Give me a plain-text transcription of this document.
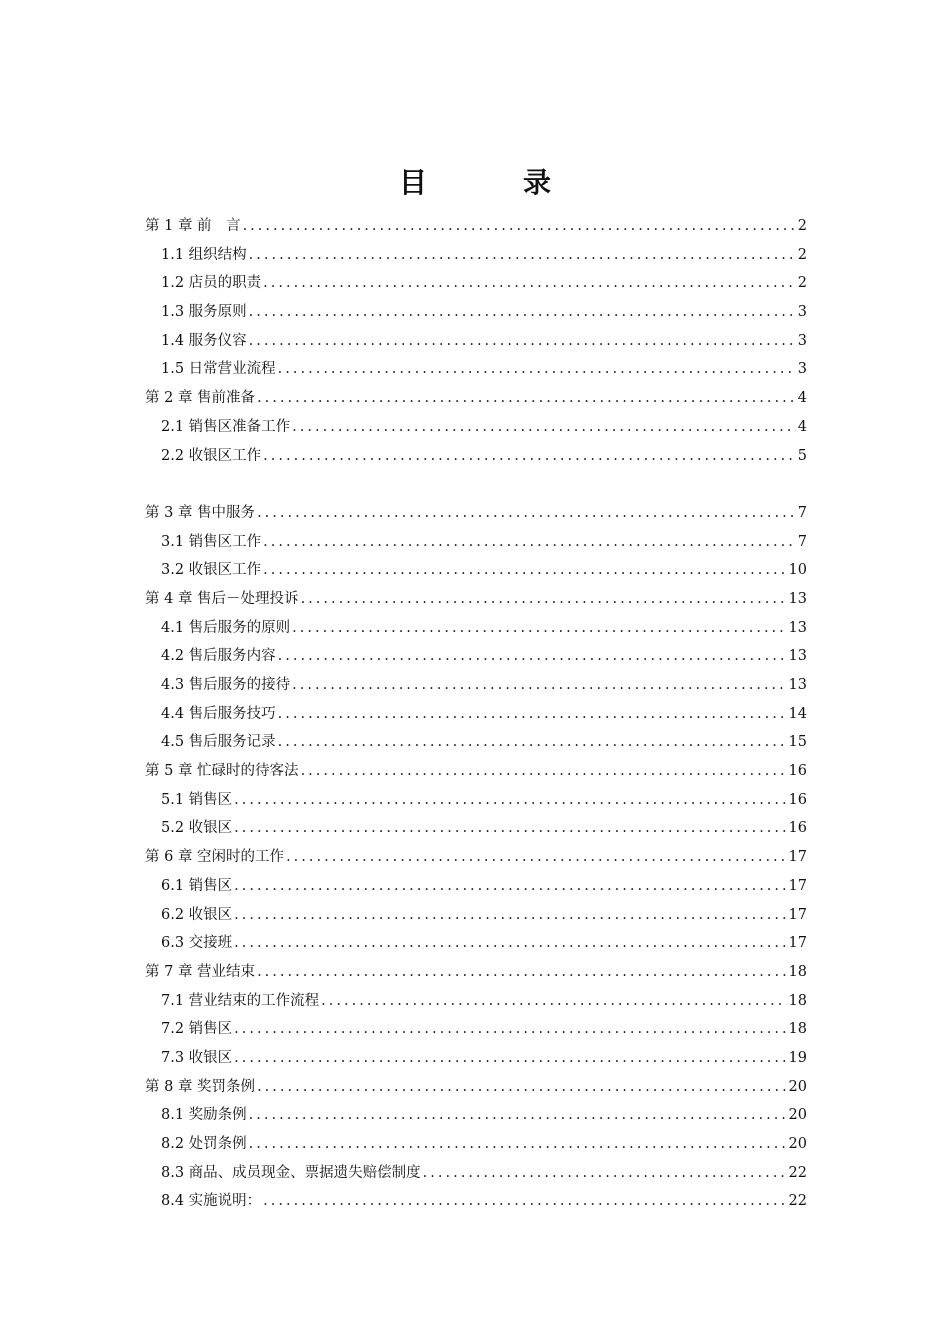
目　录
第 1 章 前　言 .....	2
1.1 组织结构 .....	2
1.2 店员的职责 .....	2
1.3 服务原则 .....	3
1.4 服务仪容 .....	3
1.5 日常营业流程 .....	3
第 2 章 售前准备 .....	4
2.1 销售区准备工作 .....	4
2.2 收银区工作 .....	5
第 3 章 售中服务 .....	7
3.1 销售区工作 .....	7
3.2 收银区工作 .....	10
第 4 章 售后－处理投诉 .....	13
4.1 售后服务的原则 .....	13
4.2 售后服务内容 .....	13
4.3 售后服务的接待 .....	13
4.4 售后服务技巧 .....	14
4.5 售后服务记录 .....	15
第 5 章 忙碌时的待客法 .....	16
5.1 销售区 .....	16
5.2 收银区 .....	16
第 6 章 空闲时的工作 .....	17
6.1 销售区 .....	17
6.2 收银区 .....	17
6.3 交接班 .....	17
第 7 章 营业结束 .....	18
7.1 营业结束的工作流程 .....	18
7.2 销售区 .....	18
7.3 收银区 .....	19
第 8 章 奖罚条例 .....	20
8.1 奖励条例 .....	20
8.2 处罚条例 .....	20
8.3 商品、成员现金、票据遗失赔偿制度 .....	22
8.4 实施说明： .....	22
